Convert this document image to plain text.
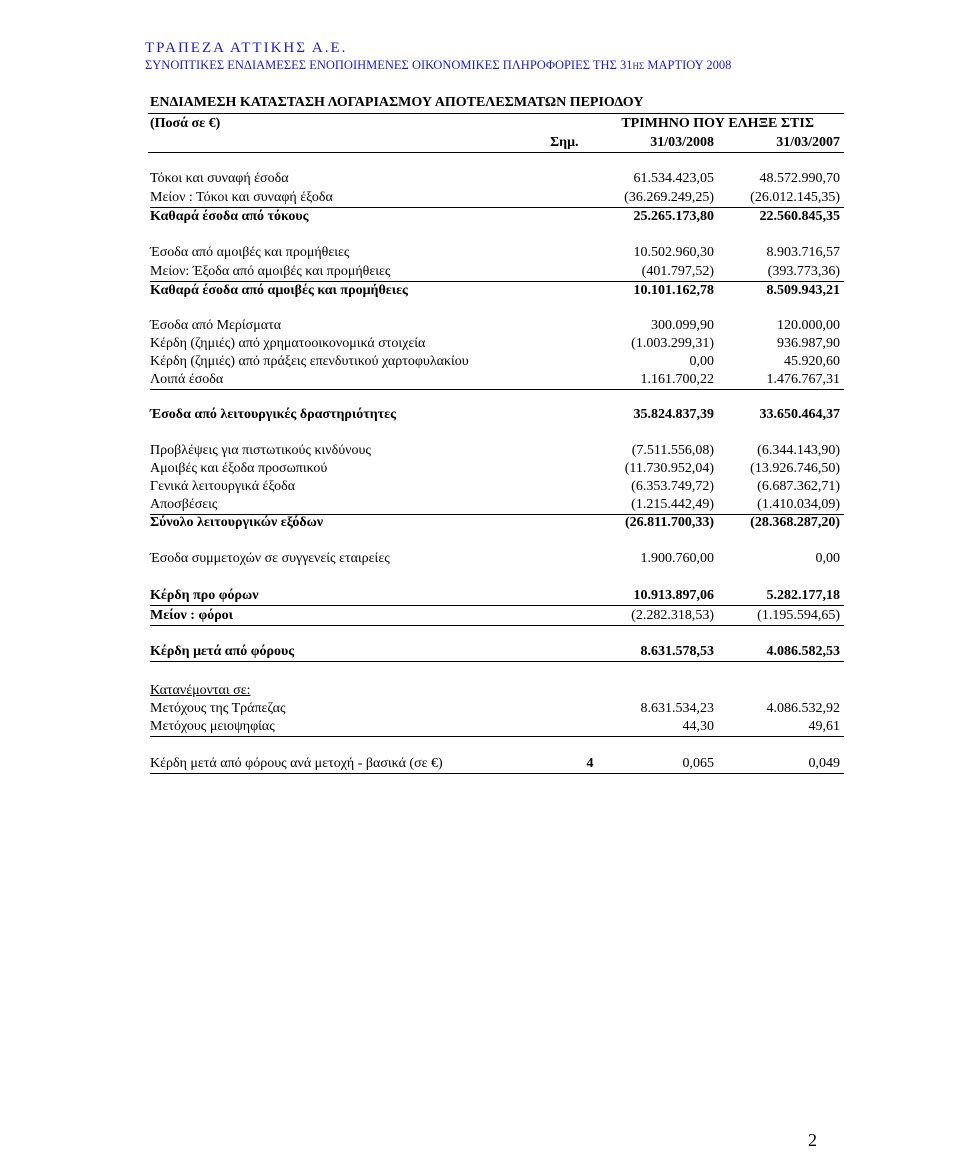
ΤΡΑΠΕΖΑ ΑΤΤΙΚΗΣ Α.Ε.
ΣΥΝΟΠΤΙΚΕΣ ΕΝΔΙΑΜΕΣΕΣ ΕΝΟΠΟΙΗΜΕΝΕΣ ΟΙΚΟΝΟΜΙΚΕΣ ΠΛΗΡΟΦΟΡΙΕΣ ΤΗΣ 31ΗΣ ΜΑΡΤΙΟΥ 2008
ΕΝΔΙΑΜΕΣΗ ΚΑΤΑΣΤΑΣΗ ΛΟΓΑΡΙΑΣΜΟΥ ΑΠΟΤΕΛΕΣΜΑΤΩΝ ΠΕΡΙΟΔΟΥ
(Ποσά σε €)	ΤΡΙΜΗΝΟ ΠΟΥ ΕΛΗΞΕ ΣΤΙΣ
Σημ.	31/03/2008	31/03/2007
Τόκοι και συναφή έσοδα	61.534.423,05	48.572.990,70
Μείον : Τόκοι και συναφή έξοδα	(36.269.249,25)	(26.012.145,35)
Καθαρά έσοδα από τόκους	25.265.173,80	22.560.845,35
Έσοδα από αμοιβές και προμήθειες	10.502.960,30	8.903.716,57
Μείον: Έξοδα από αμοιβές και προμήθειες	(401.797,52)	(393.773,36)
Καθαρά έσοδα από αμοιβές και προμήθειες	10.101.162,78	8.509.943,21
Έσοδα από Μερίσματα	300.099,90	120.000,00
Κέρδη (ζημιές) από χρηματοοικονομικά στοιχεία	(1.003.299,31)	936.987,90
Κέρδη (ζημιές) από πράξεις επενδυτικού χαρτοφυλακίου	0,00	45.920,60
Λοιπά έσοδα	1.161.700,22	1.476.767,31
Έσοδα από λειτουργικές δραστηριότητες	35.824.837,39	33.650.464,37
Προβλέψεις για πιστωτικούς κινδύνους	(7.511.556,08)	(6.344.143,90)
Αμοιβές και έξοδα προσωπικού	(11.730.952,04)	(13.926.746,50)
Γενικά λειτουργικά έξοδα	(6.353.749,72)	(6.687.362,71)
Αποσβέσεις	(1.215.442,49)	(1.410.034,09)
Σύνολο λειτουργικών εξόδων	(26.811.700,33)	(28.368.287,20)
Έσοδα συμμετοχών σε συγγενείς εταιρείες	1.900.760,00	0,00
Κέρδη προ φόρων	10.913.897,06	5.282.177,18
Μείον : φόροι	(2.282.318,53)	(1.195.594,65)
Κέρδη μετά από φόρους	8.631.578,53	4.086.582,53
Κατανέμονται σε:
Μετόχους της Τράπεζας	8.631.534,23	4.086.532,92
Μετόχους μειοψηφίας	44,30	49,61
Κέρδη μετά από φόρους ανά μετοχή - βασικά (σε €)	4	0,065	0,049
2
